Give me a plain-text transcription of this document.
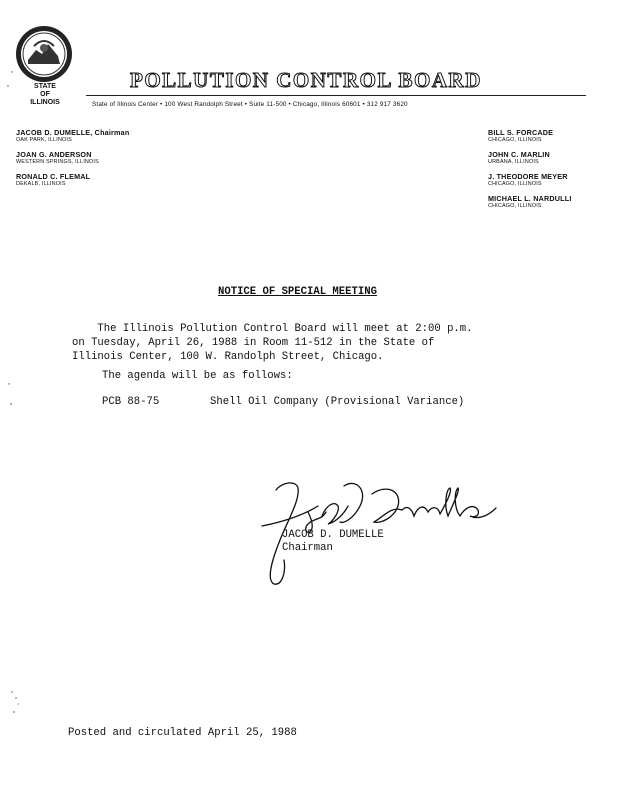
STATE
OF
ILLINOIS
POLLUTION CONTROL BOARD
State of Illinois Center • 100 West Randolph Street • Suite 11-500 • Chicago, Illinois 60601 • 312 917 3620
JACOB D. DUMELLE, Chairman
OAK PARK, ILLINOIS
JOAN G. ANDERSON
WESTERN SPRINGS, ILLINOIS
RONALD C. FLEMAL
DEKALB, ILLINOIS
BILL S. FORCADE
CHICAGO, ILLINOIS
JOHN C. MARLIN
URBANA, ILLINOIS
J. THEODORE MEYER
CHICAGO, ILLINOIS
MICHAEL L. NARDULLI
CHICAGO, ILLINOIS
NOTICE OF SPECIAL MEETING
The Illinois Pollution Control Board will meet at 2:00 p.m.
on Tuesday, April 26, 1988 in Room 11-512 in the State of
Illinois Center, 100 W. Randolph Street, Chicago.
The agenda will be as follows:
PCB 88-75	Shell Oil Company (Provisional Variance)
JACOB D. DUMELLE
Chairman
Posted and circulated April 25, 1988
